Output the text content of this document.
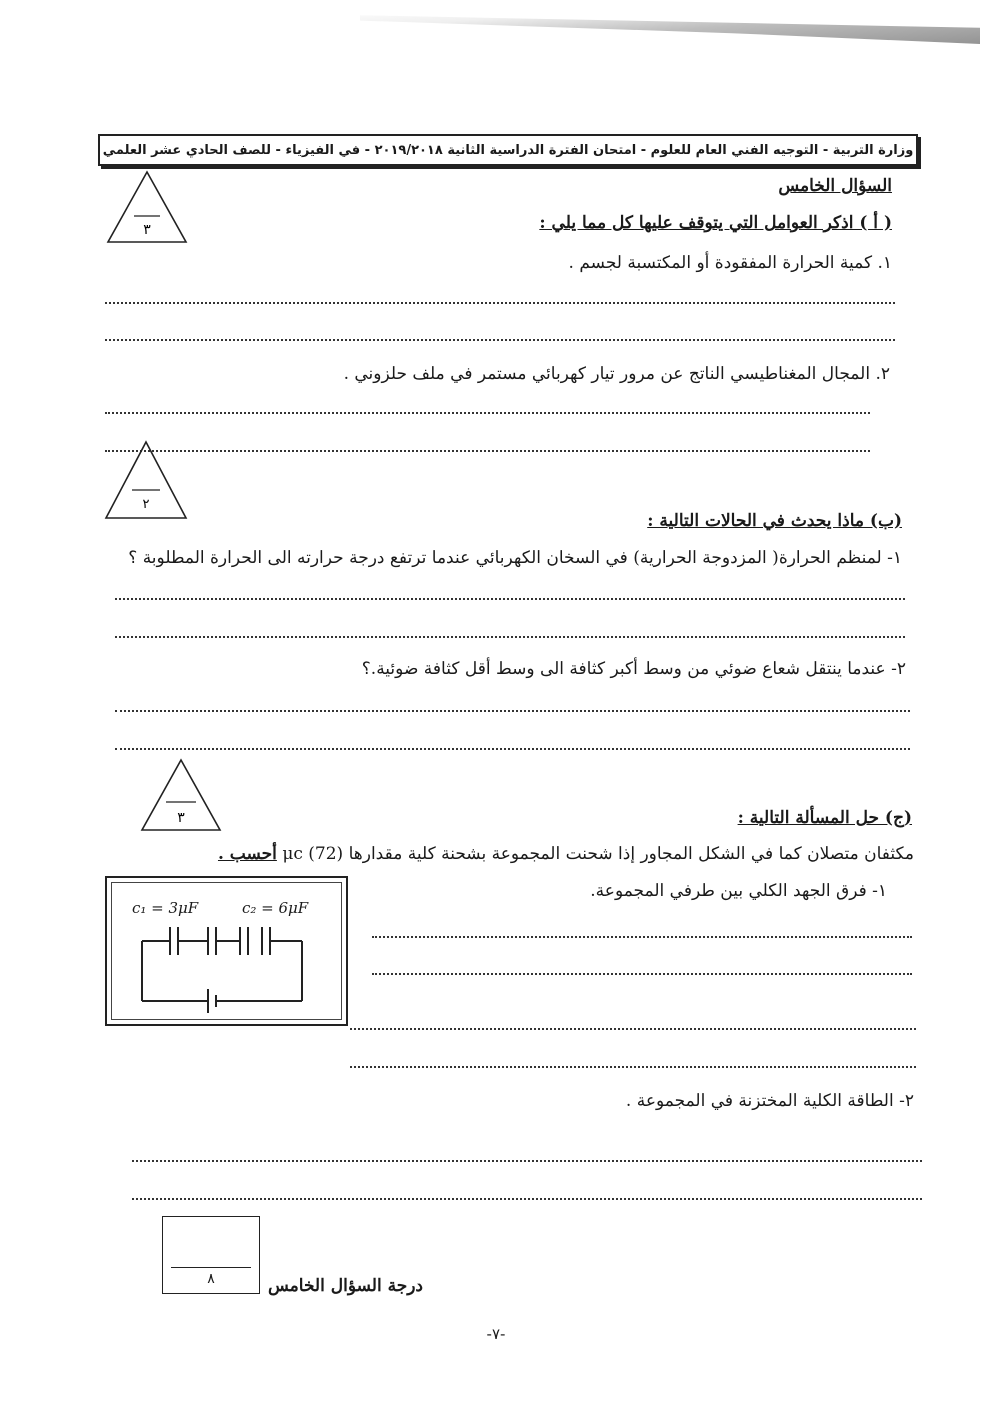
وزارة التربية - التوجيه الفني العام للعلوم - امتحان الفترة الدراسية الثانية ٢٠١٩/٢٠١٨ - في الفيزياء - للصف الحادي عشر العلمي
السؤال الخامس
٣	( أ ) اذكر العوامل التي يتوقف عليها كل مما يلي :
١. كمية الحرارة المفقودة أو المكتسبة لجسم .
٢. المجال المغناطيسي الناتج عن مرور تيار كهربائي مستمر في ملف حلزوني .
٢
(ب) ماذا يحدث في الحالات التالية :
١- لمنظم الحرارة( المزدوجة الحرارية) في السخان الكهربائي عندما ترتفع درجة حرارته الى الحرارة المطلوبة ؟
٢- عندما ينتقل شعاع ضوئي من وسط أكبر كثافة الى وسط أقل كثافة ضوئية.؟
٣	(ج) حل المسألة التالية :
مكثفان متصلان كما في الشكل المجاور إذا شحنت المجموعة بشحنة كلية مقدارها μc (72) أحسب .
c₁ = 3μF	c₂ = 6μF
١- فرق الجهد الكلي بين طرفي المجموعة.
٢- الطاقة الكلية المختزنة في المجموعة .
٨	درجة السؤال الخامس
-٧-
